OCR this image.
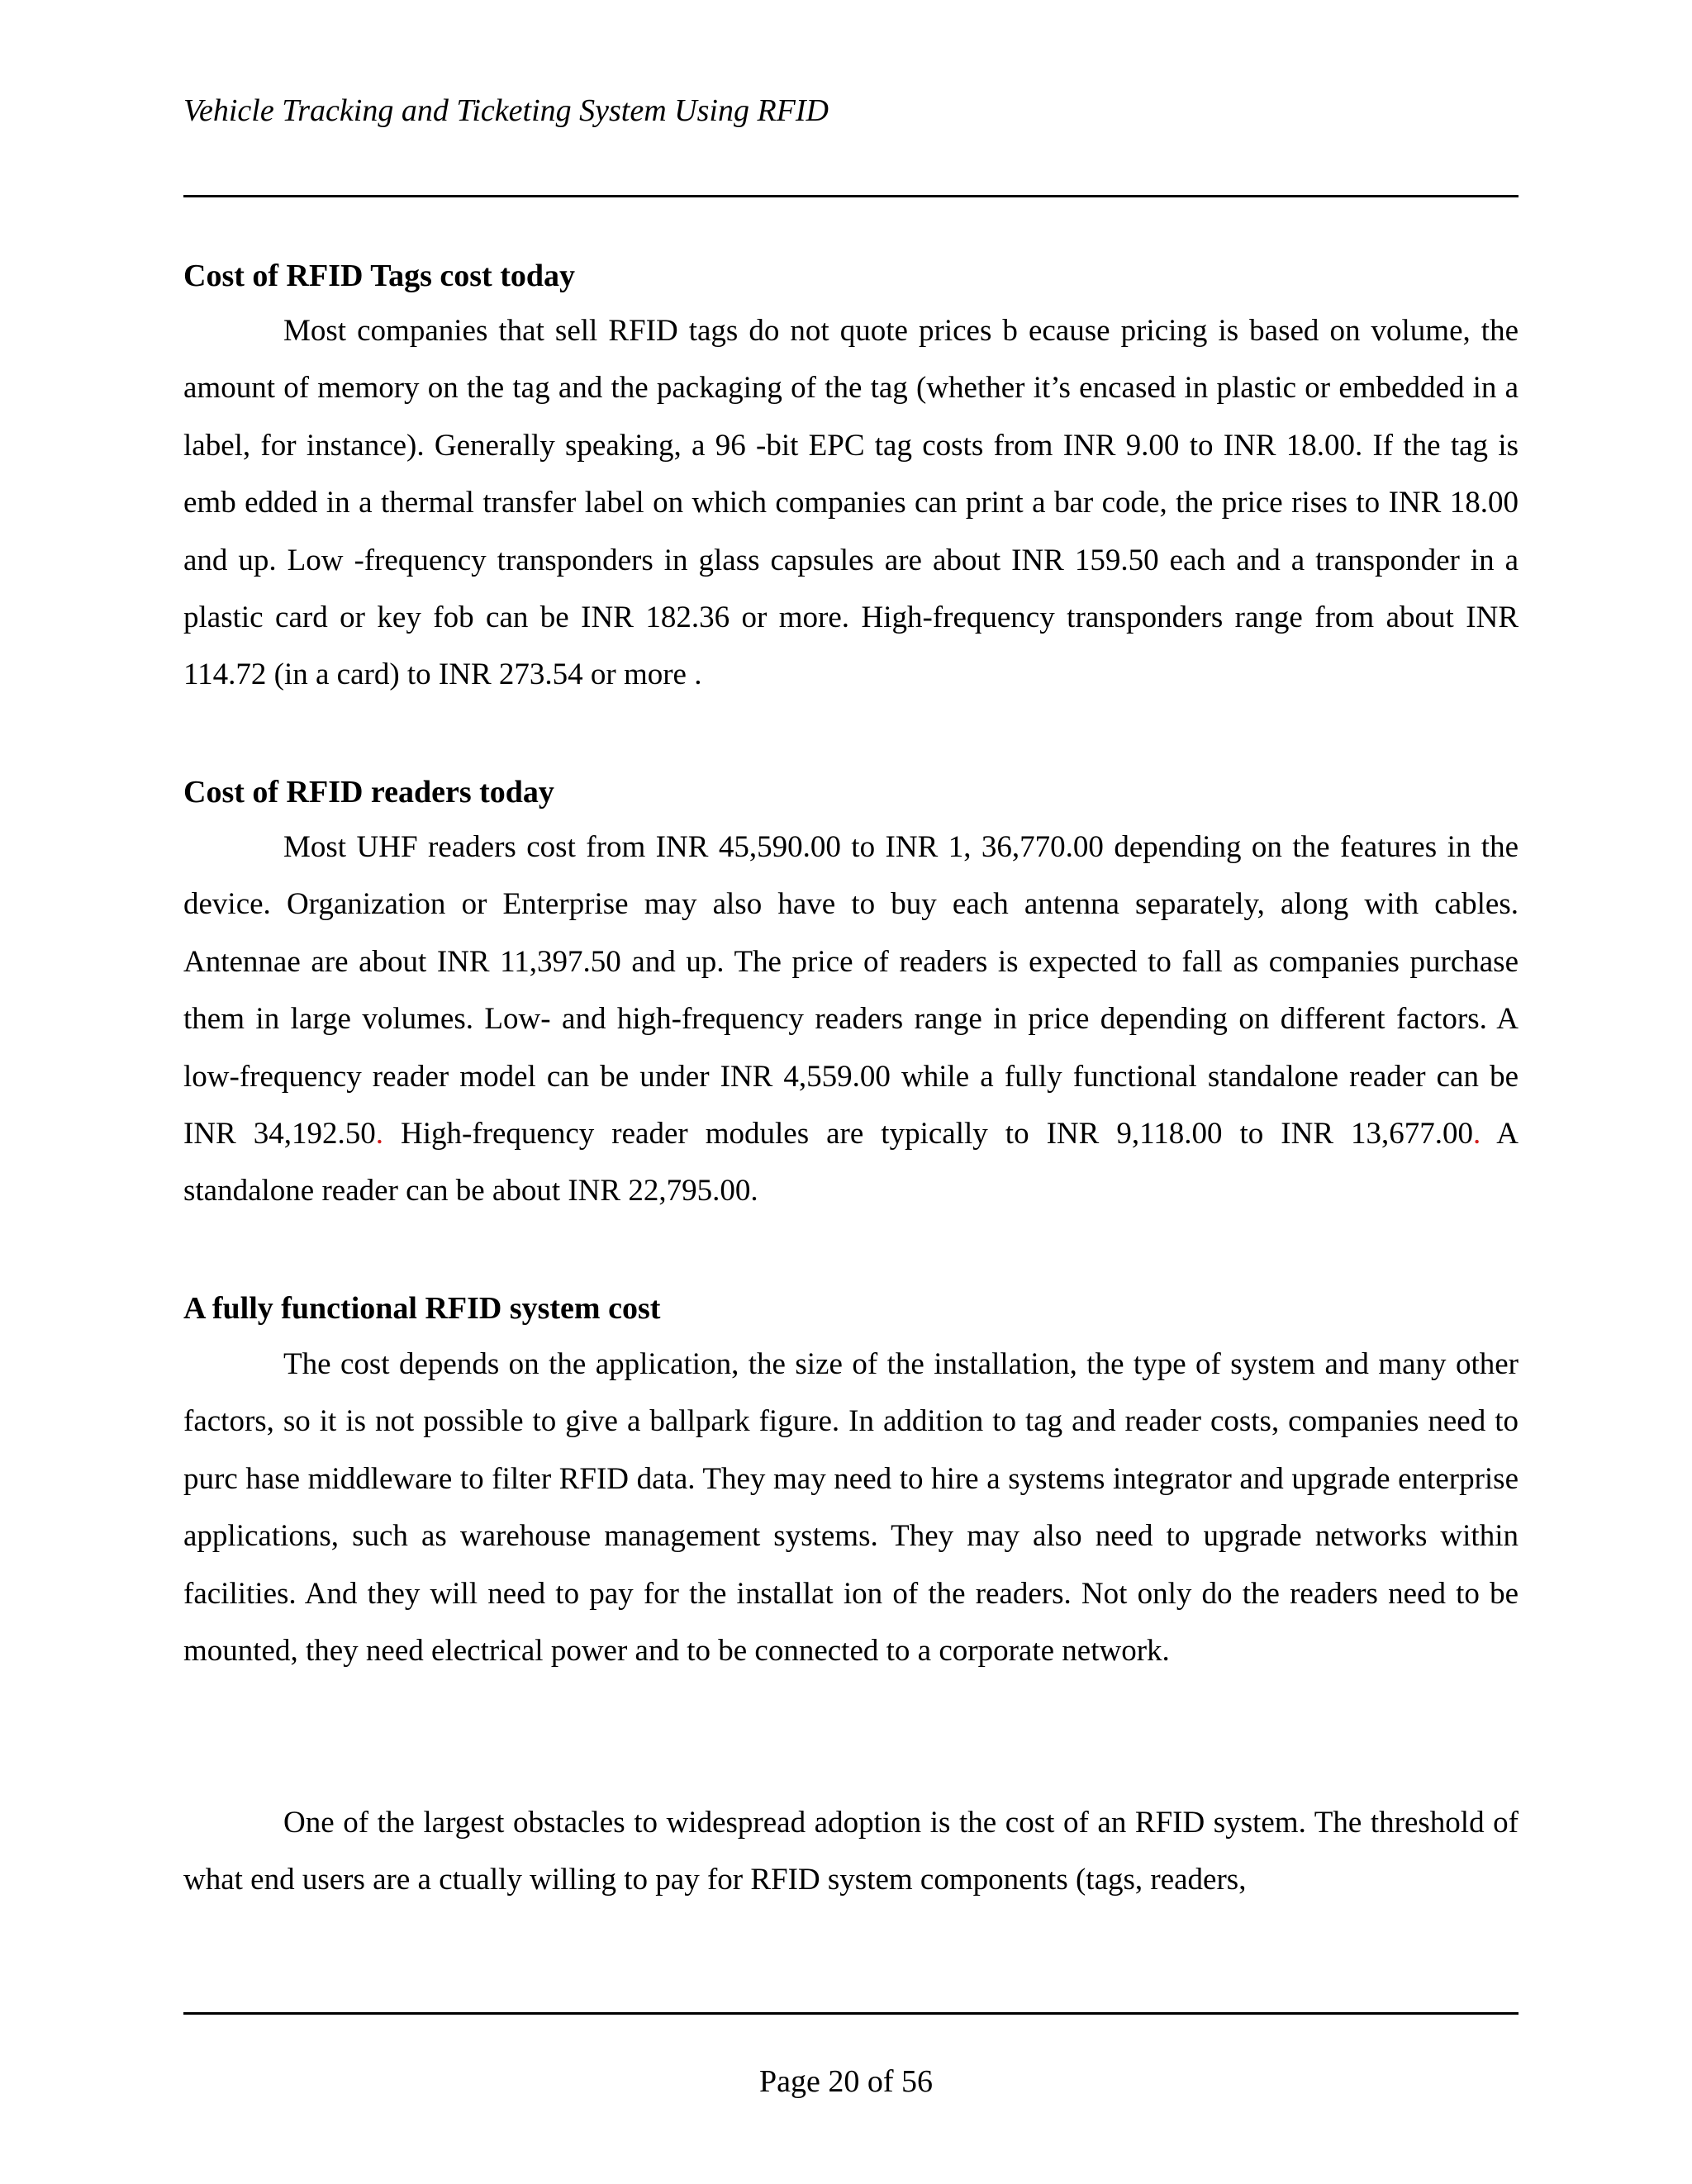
Vehicle Tracking and Ticketing System Using RFID
Cost of RFID Tags cost today

Most companies that sell RFID tags do not quote prices b ecause pricing is based on volume, the amount of memory on the tag and the packaging of the tag (whether it’s encased in plastic or embedded in a label, for instance). Generally speaking, a 96 -bit EPC tag costs from INR 9.00 to INR 18.00. If the tag is emb edded in a thermal transfer label on which companies can print a bar code, the price rises to INR 18.00 and up. Low -frequency transponders in glass capsules are about INR 159.50 each and a transponder in a plastic card or key fob can be INR 182.36 or more. High-frequency transponders range from about INR 114.72 (in a card) to INR 273.54 or more .

Cost of RFID readers today

Most UHF readers cost from INR 45,590.00 to INR 1, 36,770.00 depending on the features in the device. Organization or Enterprise may also have to buy each antenna separately, along with cables. Antennae are about INR 11,397.50 and up. The price of readers is expected to fall as companies purchase them in large volumes. Low- and high-frequency readers range in price depending on different factors. A low-frequency reader model can be under INR 4,559.00 while a fully functional standalone reader can be INR 34,192.50. High-frequency reader modules are typically to INR 9,118.00 to INR 13,677.00. A standalone reader can be about INR 22,795.00.

A fully functional RFID system cost

The cost depends on the application, the size of the installation, the type of system and many other factors, so it is not possible to give a ballpark figure. In addition to tag and reader costs, companies need to purc hase middleware to filter RFID data. They may need to hire a systems integrator and upgrade enterprise applications, such as warehouse management systems. They may also need to upgrade networks within facilities. And they will need to pay for the installat ion of the readers. Not only do the readers need to be mounted, they need electrical power and to be connected to a corporate network.

One of the largest obstacles to widespread adoption is the cost of an RFID system. The threshold of what end users are a ctually willing to pay for RFID system components (tags, readers,

Page 20 of 56
